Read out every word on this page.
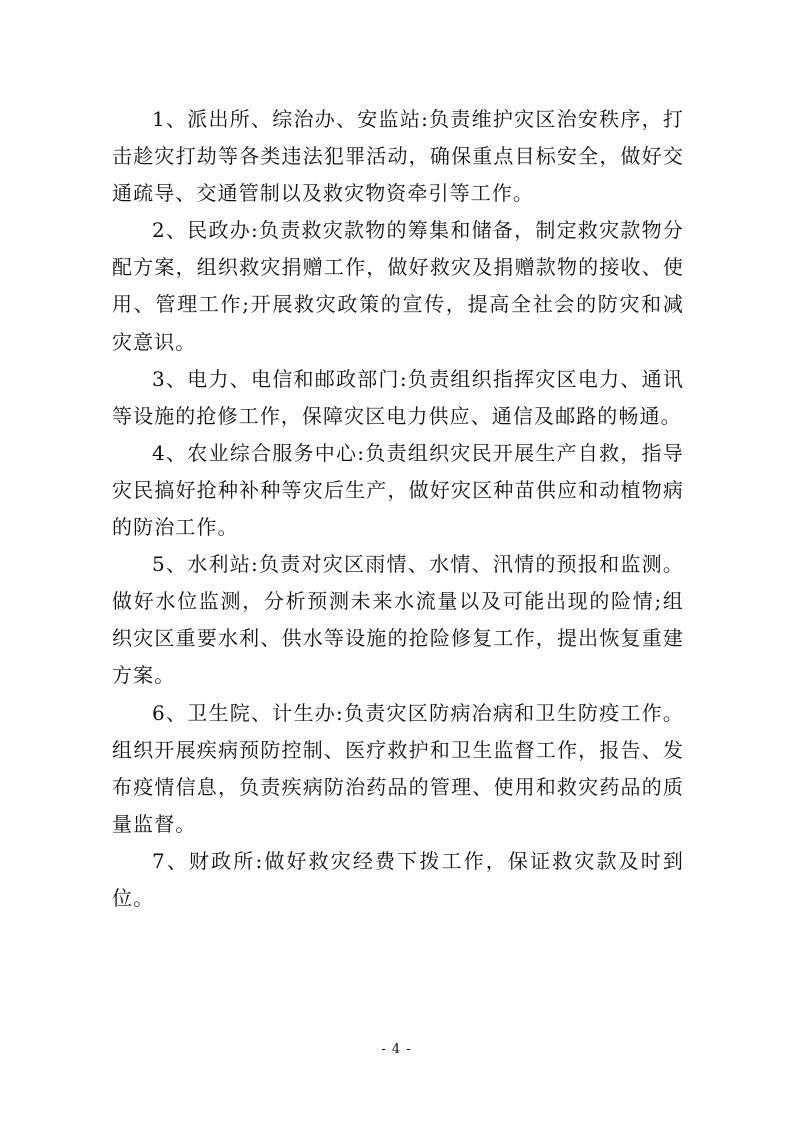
1、派出所、综治办、安监站:负责维护灾区治安秩序，打击趁灾打劫等各类违法犯罪活动，确保重点目标安全，做好交通疏导、交通管制以及救灾物资牵引等工作。

2、民政办:负责救灾款物的筹集和储备，制定救灾款物分配方案，组织救灾捐赠工作，做好救灾及捐赠款物的接收、使用、管理工作;开展救灾政策的宣传，提高全社会的防灾和减灾意识。

3、电力、电信和邮政部门:负责组织指挥灾区电力、通讯等设施的抢修工作，保障灾区电力供应、通信及邮路的畅通。

4、农业综合服务中心:负责组织灾民开展生产自救，指导灾民搞好抢种补种等灾后生产，做好灾区种苗供应和动植物病的防治工作。

5、水利站:负责对灾区雨情、水情、汛情的预报和监测。做好水位监测，分析预测未来水流量以及可能出现的险情;组织灾区重要水利、供水等设施的抢险修复工作，提出恢复重建方案。

6、卫生院、计生办:负责灾区防病冶病和卫生防疫工作。组织开展疾病预防控制、医疗救护和卫生监督工作，报告、发布疫情信息，负责疾病防治药品的管理、使用和救灾药品的质量监督。

7、财政所:做好救灾经费下拨工作，保证救灾款及时到位。

- 4 -
